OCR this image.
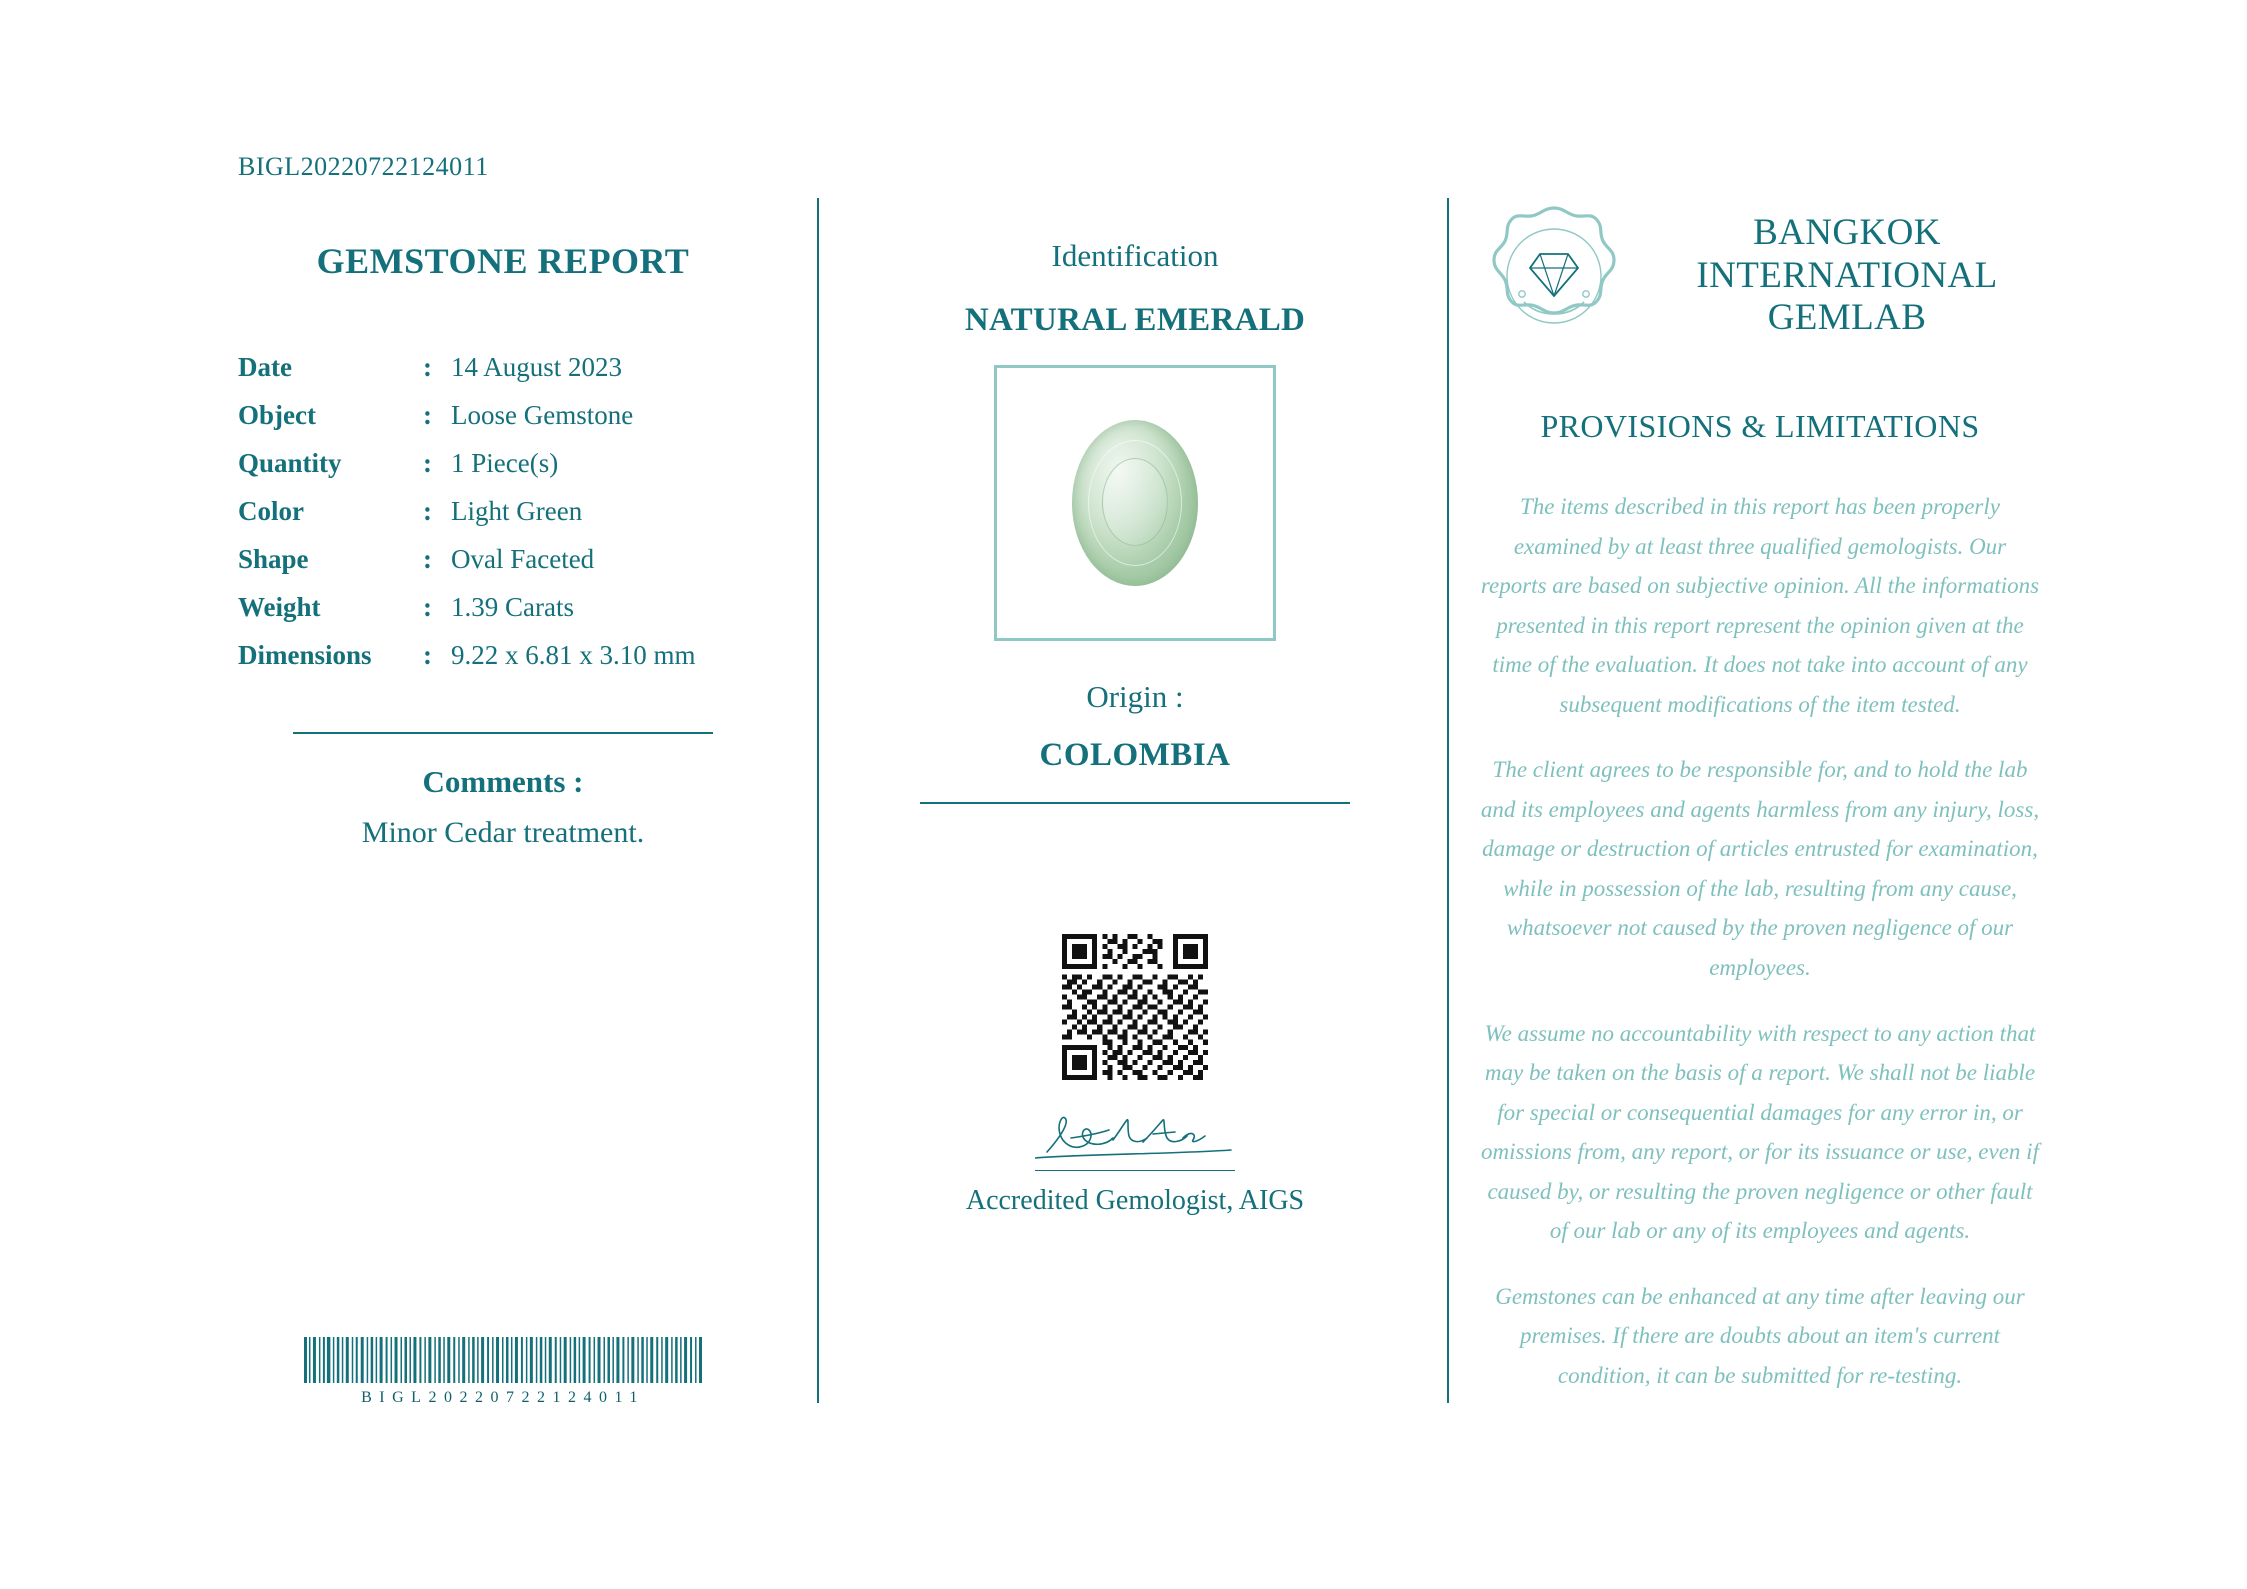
BIGL20220722124011
GEMSTONE REPORT
Date	:	14 August 2023
Object	:	Loose Gemstone
Quantity	:	1 Piece(s)
Color	:	Light Green
Shape	:	Oval Faceted
Weight	:	1.39 Carats
Dimensions	:	9.22 x 6.81 x 3.10 mm
Comments :
Minor Cedar treatment.
BIGL20220722124011
Identification
NATURAL EMERALD
Origin :
COLOMBIA
Accredited Gemologist, AIGS
BANGKOK
INTERNATIONAL
GEMLAB
PROVISIONS & LIMITATIONS

The items described in this report has been properly examined by at least three qualified gemologists. Our reports are based on subjective opinion. All the informations presented in this report represent the opinion given at the time of the evaluation. It does not take into account of any subsequent modifications of the item tested.

The client agrees to be responsible for, and to hold the lab and its employees and agents harmless from any injury, loss, damage or destruction of articles entrusted for examination, while in possession of the lab, resulting from any cause, whatsoever not caused by the proven negligence of our employees.

We assume no accountability with respect to any action that may be taken on the basis of a report. We shall not be liable for special or consequential damages for any error in, or omissions from, any report, or for its issuance or use, even if caused by, or resulting the proven negligence or other fault of our lab or any of its employees and agents.

Gemstones can be enhanced at any time after leaving our premises. If there are doubts about an item's current condition, it can be submitted for re-testing.
